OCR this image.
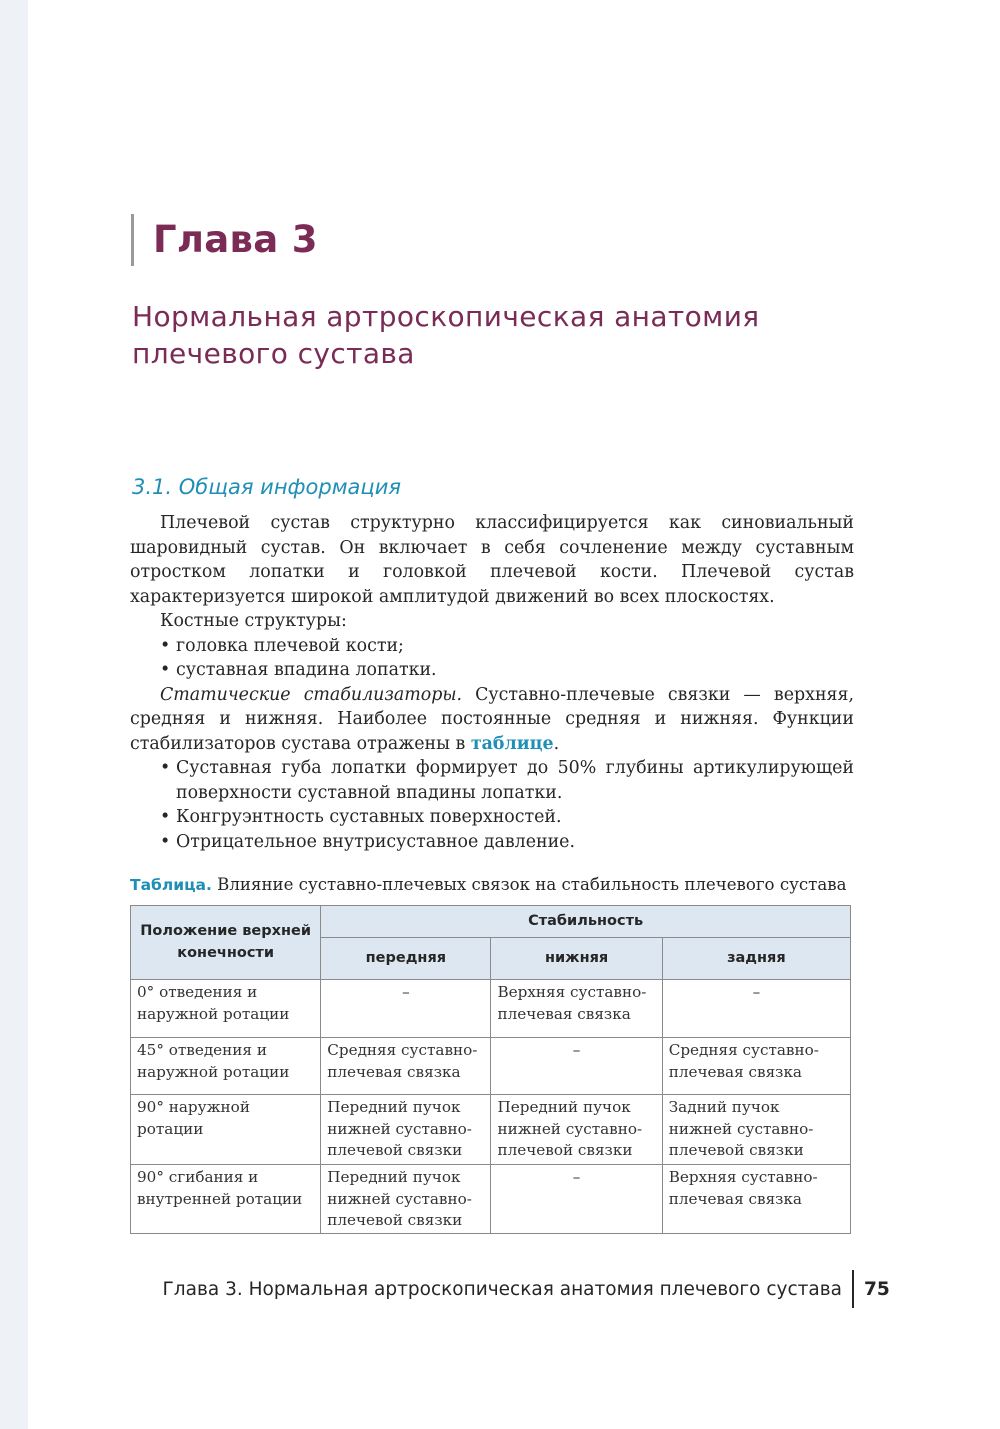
Глава 3
Нормальная артроскопическая анатомия плечевого сустава
3.1. Общая информация

Плечевой сустав структурно классифицируется как синовиальный шаровидный сустав. Он включает в себя сочленение между суставным отростком лопатки и головкой плечевой кости. Плечевой сустав характеризуется широкой амплитудой движений во всех плоскостях.

Костные структуры:

• головка плечевой кости;
• суставная впадина лопатки.

Статические стабилизаторы. Суставно-плечевые связки — верхняя, средняя и нижняя. Наиболее постоянные средняя и нижняя. Функции стабилизаторов сустава отражены в таблице.

• Суставная губа лопатки формирует до 50% глубины артикулирующей поверхности суставной впадины лопатки.
• Конгруэнтность суставных поверхностей.
• Отрицательное внутрисуставное давление.
Таблица. Влияние суставно-плечевых связок на стабильность плечевого сустава
Положение верхней конечности	Стабильность		
	передняя	нижняя	задняя
0° отведения и наружной ротации	–	Верхняя суставно-плечевая связка	–
45° отведения и наружной ротации	Средняя суставно-плечевая связка	–	Средняя суставно-плечевая связка
90° наружной ротации	Передний пучок нижней суставно-плечевой связки	Передний пучок нижней суставно-плечевой связки	Задний пучок нижней суставно-плечевой связки
90° сгибания и внутренней ротации	Передний пучок нижней суставно-плечевой связки	–	Верхняя суставно-плечевая связка
Глава 3. Нормальная артроскопическая анатомия плечевого сустава 75
